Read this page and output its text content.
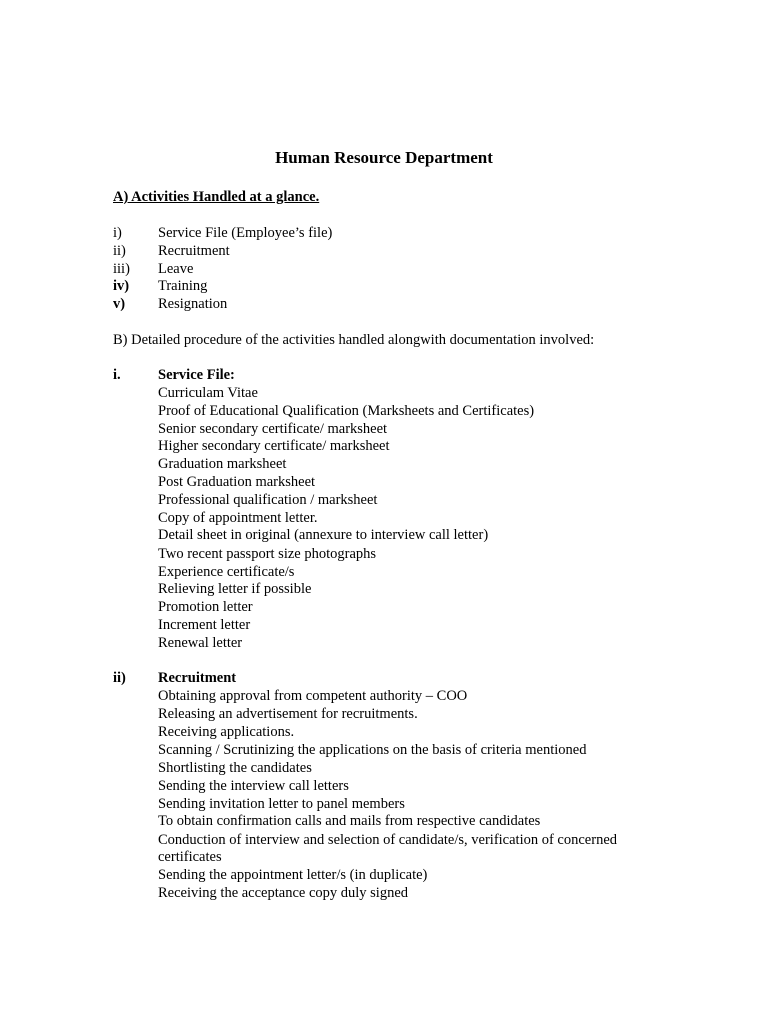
Human Resource Department
A) Activities Handled at a glance.
i) Service File (Employee’s file)
ii) Recruitment
iii) Leave
iv) Training
v) Resignation
B) Detailed procedure of the activities handled alongwith documentation involved:
i.	Service File:
Curriculam Vitae
Proof of Educational Qualification (Marksheets and Certificates)
Senior secondary certificate/ marksheet
Higher secondary certificate/ marksheet
Graduation marksheet
Post Graduation marksheet
Professional qualification / marksheet
Copy of appointment letter.
Detail sheet in original (annexure to interview call letter)
Two recent passport size photographs
Experience certificate/s
Relieving letter if possible
Promotion letter
Increment letter
Renewal letter
ii) Recruitment
Obtaining approval from competent authority – COO
Releasing an advertisement for recruitments.
Receiving applications.
Scanning / Scrutinizing the applications on the basis of criteria mentioned
Shortlisting the candidates
Sending the interview call letters
Sending invitation letter to panel members
To obtain confirmation calls and mails from respective candidates
Conduction of interview and selection of candidate/s, verification of concerned
certificates
Sending the appointment letter/s (in duplicate)
Receiving the acceptance copy duly signed
